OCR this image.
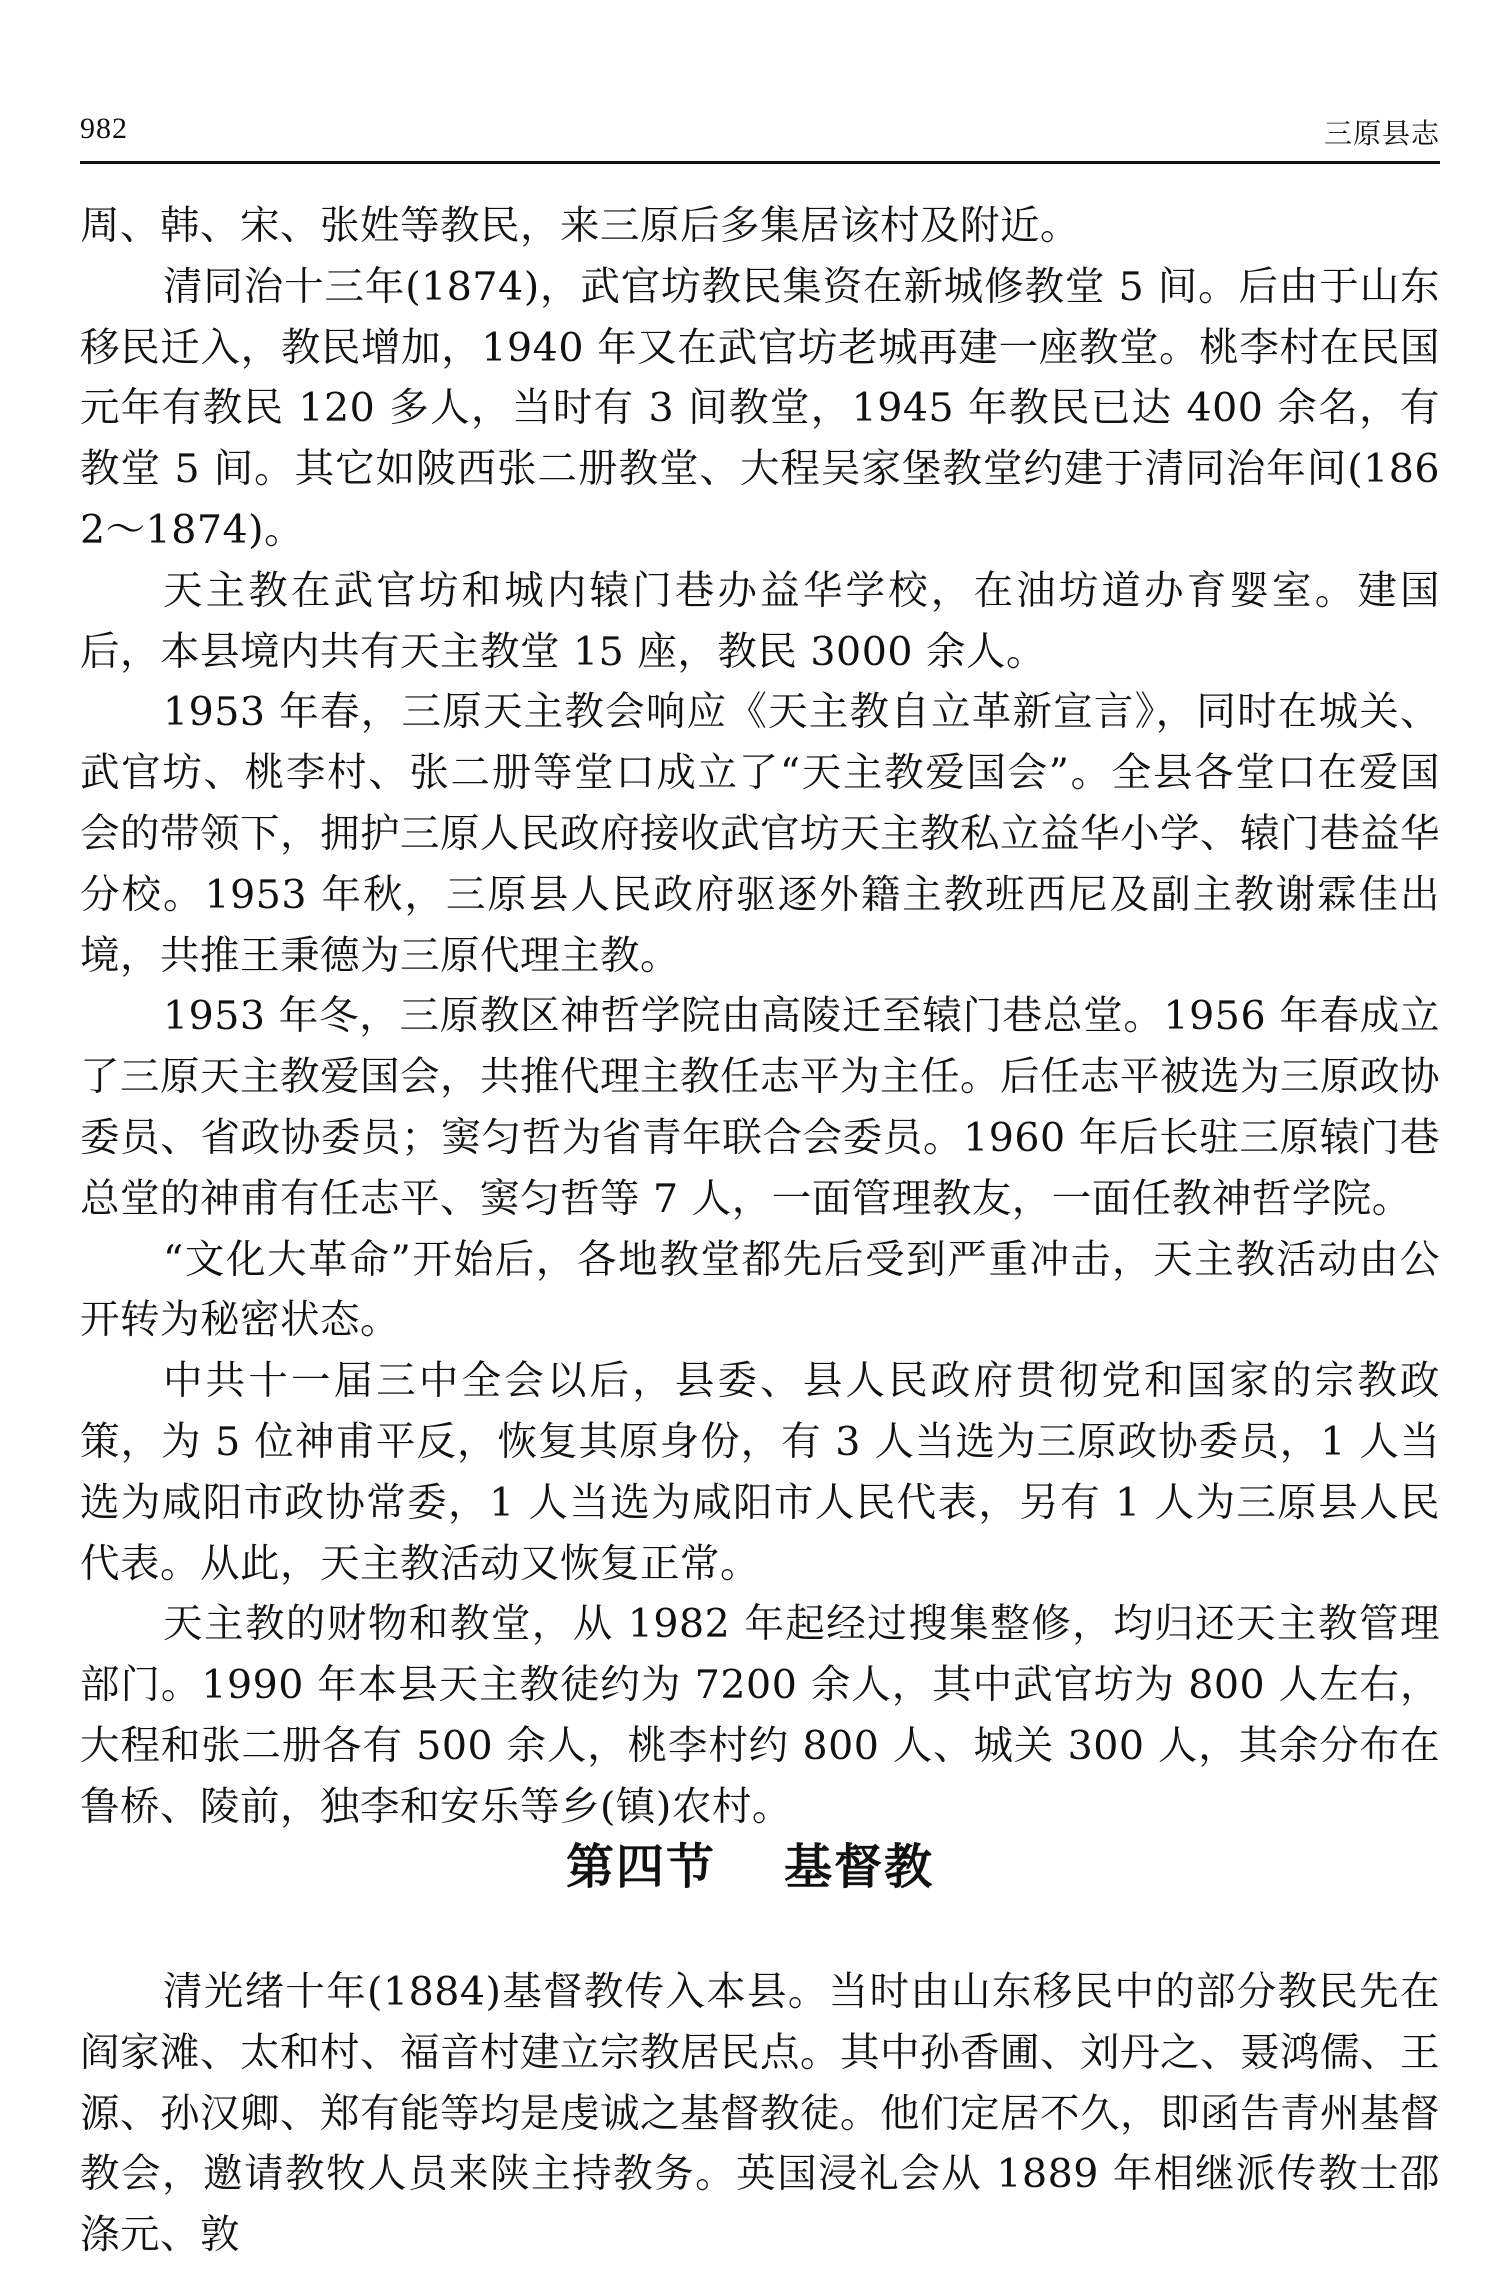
982	三原县志

周、韩、宋、张姓等教民，来三原后多集居该村及附近。

清同治十三年(1874)，武官坊教民集资在新城修教堂 5 间。后由于山东移民迁入，教民增加，1940 年又在武官坊老城再建一座教堂。桃李村在民国元年有教民 120 多人，当时有 3 间教堂，1945 年教民已达 400 余名，有教堂 5 间。其它如陂西张二册教堂、大程吴家堡教堂约建于清同治年间(1862～1874)。

天主教在武官坊和城内辕门巷办益华学校，在油坊道办育婴室。建国后，本县境内共有天主教堂 15 座，教民 3000 余人。

1953 年春，三原天主教会响应《天主教自立革新宣言》，同时在城关、武官坊、桃李村、张二册等堂口成立了“天主教爱国会”。全县各堂口在爱国会的带领下，拥护三原人民政府接收武官坊天主教私立益华小学、辕门巷益华分校。1953 年秋，三原县人民政府驱逐外籍主教班西尼及副主教谢霖佳出境，共推王秉德为三原代理主教。

1953 年冬，三原教区神哲学院由高陵迁至辕门巷总堂。1956 年春成立了三原天主教爱国会，共推代理主教任志平为主任。后任志平被选为三原政协委员、省政协委员；窦匀哲为省青年联合会委员。1960 年后长驻三原辕门巷总堂的神甫有任志平、窦匀哲等 7 人，一面管理教友，一面任教神哲学院。

“文化大革命”开始后，各地教堂都先后受到严重冲击，天主教活动由公开转为秘密状态。

中共十一届三中全会以后，县委、县人民政府贯彻党和国家的宗教政策，为 5 位神甫平反，恢复其原身份，有 3 人当选为三原政协委员，1 人当选为咸阳市政协常委，1 人当选为咸阳市人民代表，另有 1 人为三原县人民代表。从此，天主教活动又恢复正常。

天主教的财物和教堂，从 1982 年起经过搜集整修，均归还天主教管理部门。1990 年本县天主教徒约为 7200 余人，其中武官坊为 800 人左右，大程和张二册各有 500 余人，桃李村约 800 人、城关 300 人，其余分布在鲁桥、陵前，独李和安乐等乡(镇)农村。

第四节 基督教

清光绪十年(1884)基督教传入本县。当时由山东移民中的部分教民先在阎家滩、太和村、福音村建立宗教居民点。其中孙香圃、刘丹之、聂鸿儒、王源、孙汉卿、郑有能等均是虔诚之基督教徒。他们定居不久，即函告青州基督教会，邀请教牧人员来陕主持教务。英国浸礼会从 1889 年相继派传教士邵涤元、敦
